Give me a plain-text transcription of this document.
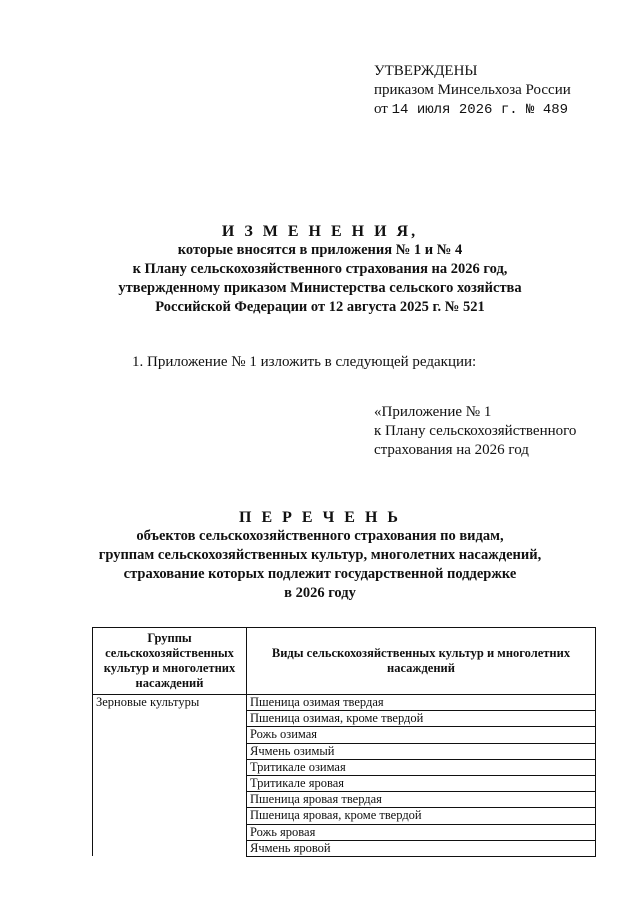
УТВЕРЖДЕНЫ
приказом Минсельхоза России
от 14 июля 2026 г. № 489
И З М Е Н Е Н И Я,
которые вносятся в приложения № 1 и № 4
к Плану сельскохозяйственного страхования на 2026 год,
утвержденному приказом Министерства сельского хозяйства
Российской Федерации от 12 августа 2025 г. № 521
1. Приложение № 1 изложить в следующей редакции:
«Приложение № 1
к Плану сельскохозяйственного
страхования на 2026 год
П Е Р Е Ч Е Н Ь
объектов сельскохозяйственного страхования по видам,
группам сельскохозяйственных культур, многолетних насаждений,
страхование которых подлежит государственной поддержке
в 2026 году
Группы сельскохозяйственных культур и многолетних насаждений	Виды сельскохозяйственных культур и многолетних насаждений
Зерновые культуры	Пшеница озимая твердая
	Пшеница озимая, кроме твердой
	Рожь озимая
	Ячмень озимый
	Тритикале озимая
	Тритикале яровая
	Пшеница яровая твердая
	Пшеница яровая, кроме твердой
	Рожь яровая
	Ячмень яровой
